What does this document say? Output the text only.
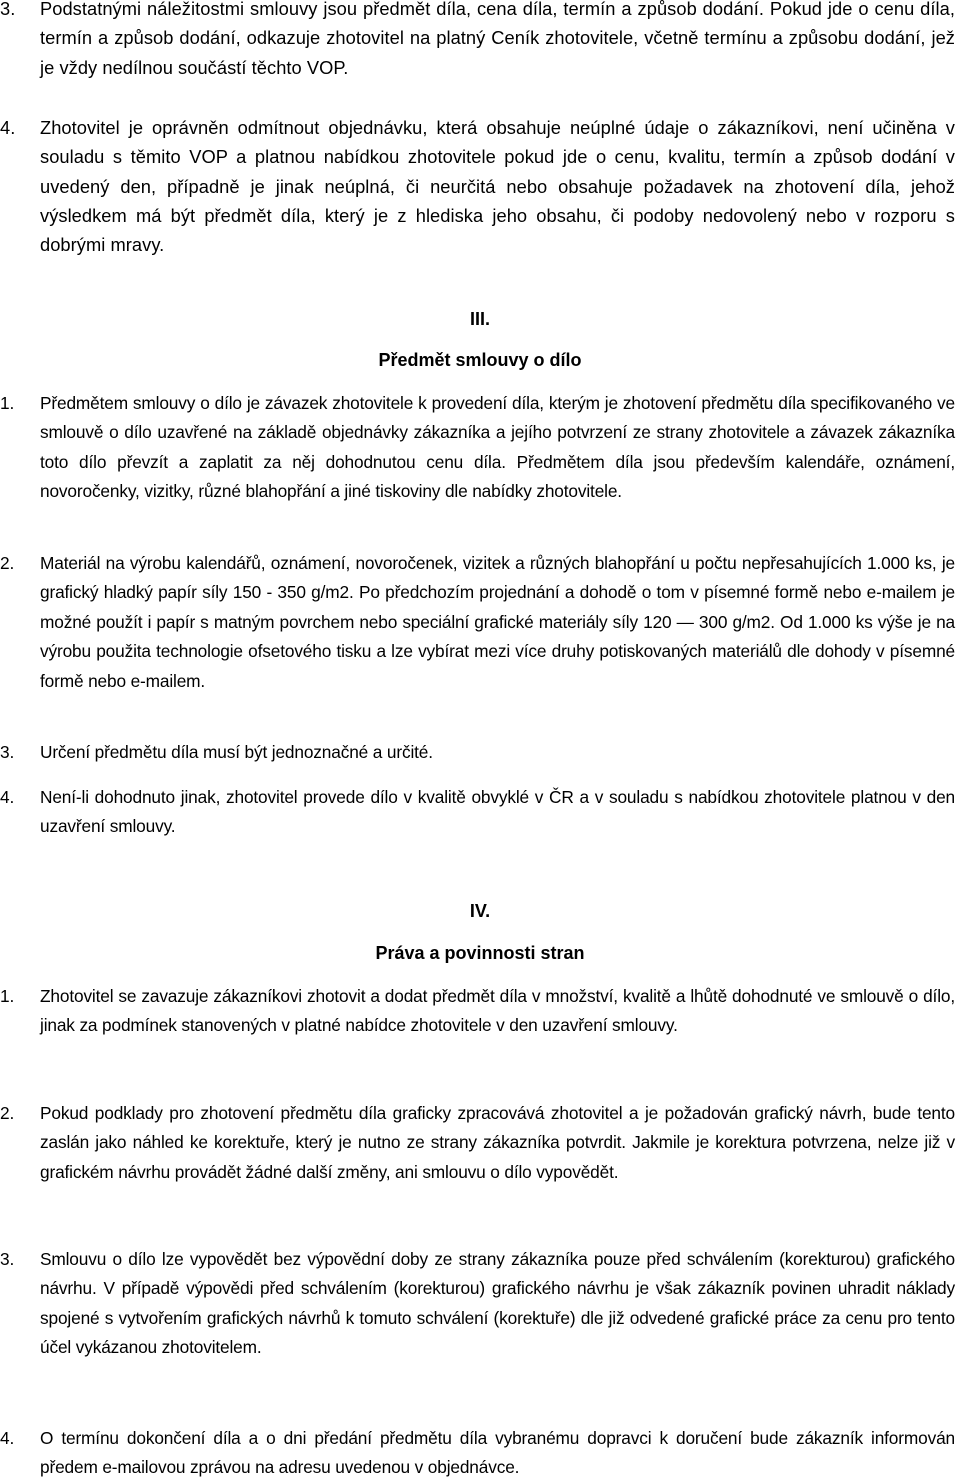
3.	Podstatnými náležitostmi smlouvy jsou předmět díla, cena díla, termín a způsob dodání. Pokud jde o cenu díla, termín a způsob dodání, odkazuje zhotovitel na platný Ceník zhotovitele, včetně termínu a způsobu dodání, jež je vždy nedílnou součástí těchto VOP.
4.	Zhotovitel je oprávněn odmítnout objednávku, která obsahuje neúplné údaje o zákazníkovi, není učiněna v souladu s těmito VOP a platnou nabídkou zhotovitele pokud jde o cenu, kvalitu, termín a způsob dodání v uvedený den, případně je jinak neúplná, či neurčitá nebo obsahuje požadavek na zhotovení díla, jehož výsledkem má být předmět díla, který je z hlediska jeho obsahu, či podoby nedovolený nebo v rozporu s dobrými mravy.
III.
Předmět smlouvy o dílo
1.	Předmětem smlouvy o dílo je závazek zhotovitele k provedení díla, kterým je zhotovení předmětu díla specifikovaného ve smlouvě o dílo uzavřené na základě objednávky zákazníka a jejího potvrzení ze strany zhotovitele a závazek zákazníka toto dílo převzít a zaplatit za něj dohodnutou cenu díla. Předmětem díla jsou především kalendáře, oznámení, novoročenky, vizitky, různé blahopřání a jiné tiskoviny dle nabídky zhotovitele.
2.	Materiál na výrobu kalendářů, oznámení, novoročenek, vizitek a různých blahopřání u počtu nepřesahujících 1.000 ks, je grafický hladký papír síly 150 - 350 g/m2. Po předchozím projednání a dohodě o tom v písemné formě nebo e-mailem je možné použít i papír s matným povrchem nebo speciální grafické materiály síly 120 — 300 g/m2. Od 1.000 ks výše je na výrobu použita technologie ofsetového tisku a lze vybírat mezi více druhy potiskovaných materiálů dle dohody v písemné formě nebo e-mailem.
3.	Určení předmětu díla musí být jednoznačné a určité.
4.	Není-li dohodnuto jinak, zhotovitel provede dílo v kvalitě obvyklé v ČR a v souladu s nabídkou zhotovitele platnou v den uzavření smlouvy.
IV.
Práva a povinnosti stran
1.	Zhotovitel se zavazuje zákazníkovi zhotovit a dodat předmět díla v množství, kvalitě a lhůtě dohodnuté ve smlouvě o dílo, jinak za podmínek stanovených v platné nabídce zhotovitele v den uzavření smlouvy.
2.	Pokud podklady pro zhotovení předmětu díla graficky zpracovává zhotovitel a je požadován grafický návrh, bude tento zaslán jako náhled ke korektuře, který je nutno ze strany zákazníka potvrdit. Jakmile je korektura potvrzena, nelze již v grafickém návrhu provádět žádné další změny, ani smlouvu o dílo vypovědět.
3.	Smlouvu o dílo lze vypovědět bez výpovědní doby ze strany zákazníka pouze před schválením (korekturou) grafického návrhu. V případě výpovědi před schválením (korekturou) grafického návrhu je však zákazník povinen uhradit náklady spojené s vytvořením grafických návrhů k tomuto schválení (korektuře) dle již odvedené grafické práce za cenu pro tento účel vykázanou zhotovitelem.
4.	O termínu dokončení díla a o dni předání předmětu díla vybranému dopravci k doručení bude zákazník informován předem e-mailovou zprávou na adresu uvedenou v objednávce.
